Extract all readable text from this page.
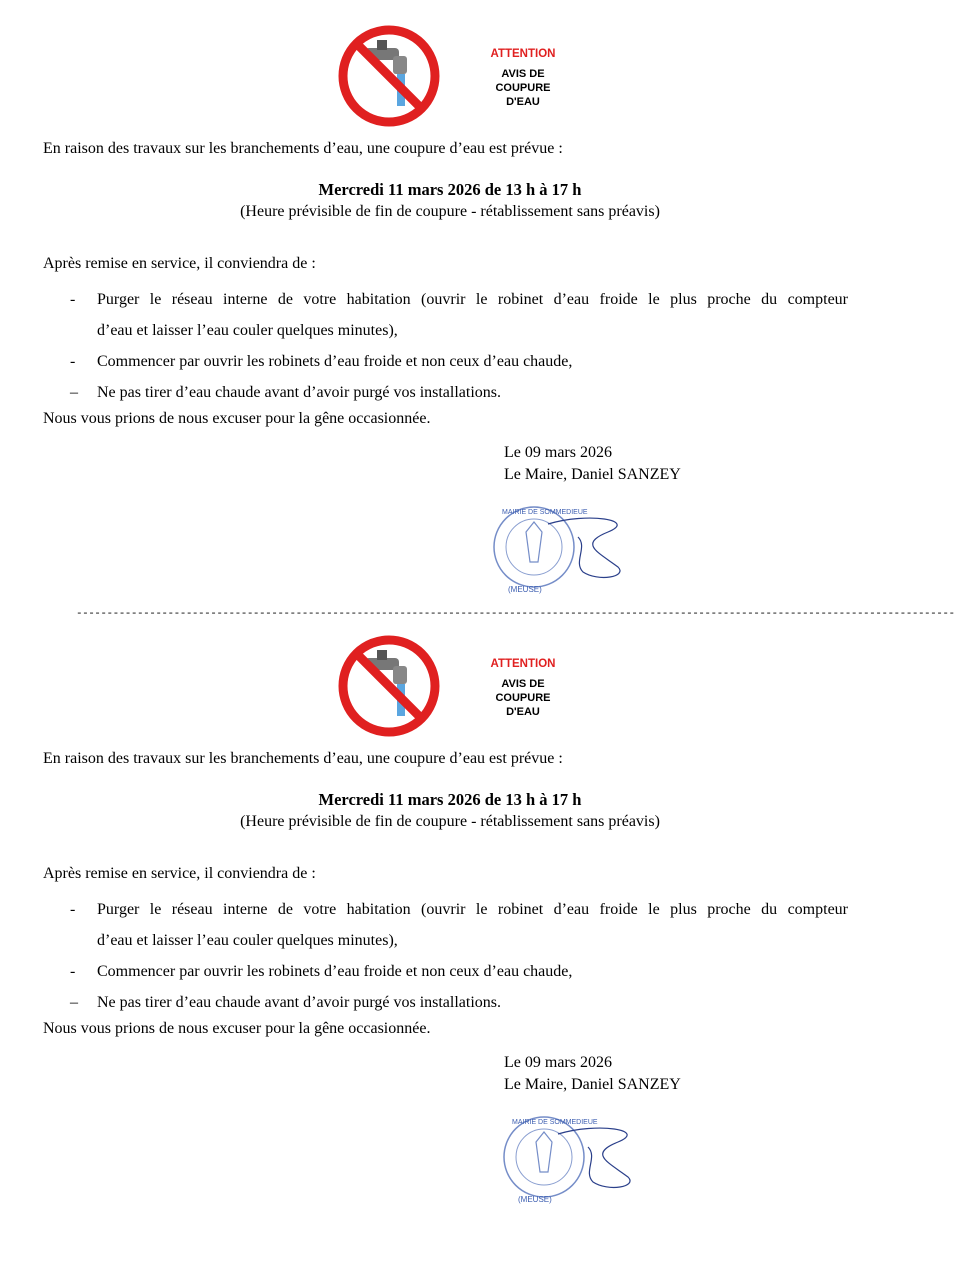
ATTENTION
AVIS DE
COUPURE
D'EAU
En raison des travaux sur les branchements d’eau, une coupure d’eau est prévue :
Mercredi 11 mars 2026 de 13 h à 17 h
(Heure prévisible de fin de coupure - rétablissement sans préavis)
Après remise en service, il conviendra de :
- Purger le réseau interne de votre habitation (ouvrir le robinet d’eau froide le plus proche du compteur
d’eau et laisser l’eau couler quelques minutes),
- Commencer par ouvrir les robinets d’eau froide et non ceux d’eau chaude,
– Ne pas tirer d’eau chaude avant d’avoir purgé vos installations.
Nous vous prions de nous excuser pour la gêne occasionnée.
Le 09 mars 2026
Le Maire, Daniel SANZEY
(MEUSE)
MAIRIE DE SOMMEDIEUE
------------------------------------------------------------------------------------------------------------------------------------------------
ATTENTION
AVIS DE
COUPURE
D'EAU
En raison des travaux sur les branchements d’eau, une coupure d’eau est prévue :
Mercredi 11 mars 2026 de 13 h à 17 h
(Heure prévisible de fin de coupure - rétablissement sans préavis)
Après remise en service, il conviendra de :
- Purger le réseau interne de votre habitation (ouvrir le robinet d’eau froide le plus proche du compteur
d’eau et laisser l’eau couler quelques minutes),
- Commencer par ouvrir les robinets d’eau froide et non ceux d’eau chaude,
– Ne pas tirer d’eau chaude avant d’avoir purgé vos installations.
Nous vous prions de nous excuser pour la gêne occasionnée.
Le 09 mars 2026
Le Maire, Daniel SANZEY
(MEUSE)
MAIRIE DE SOMMEDIEUE
